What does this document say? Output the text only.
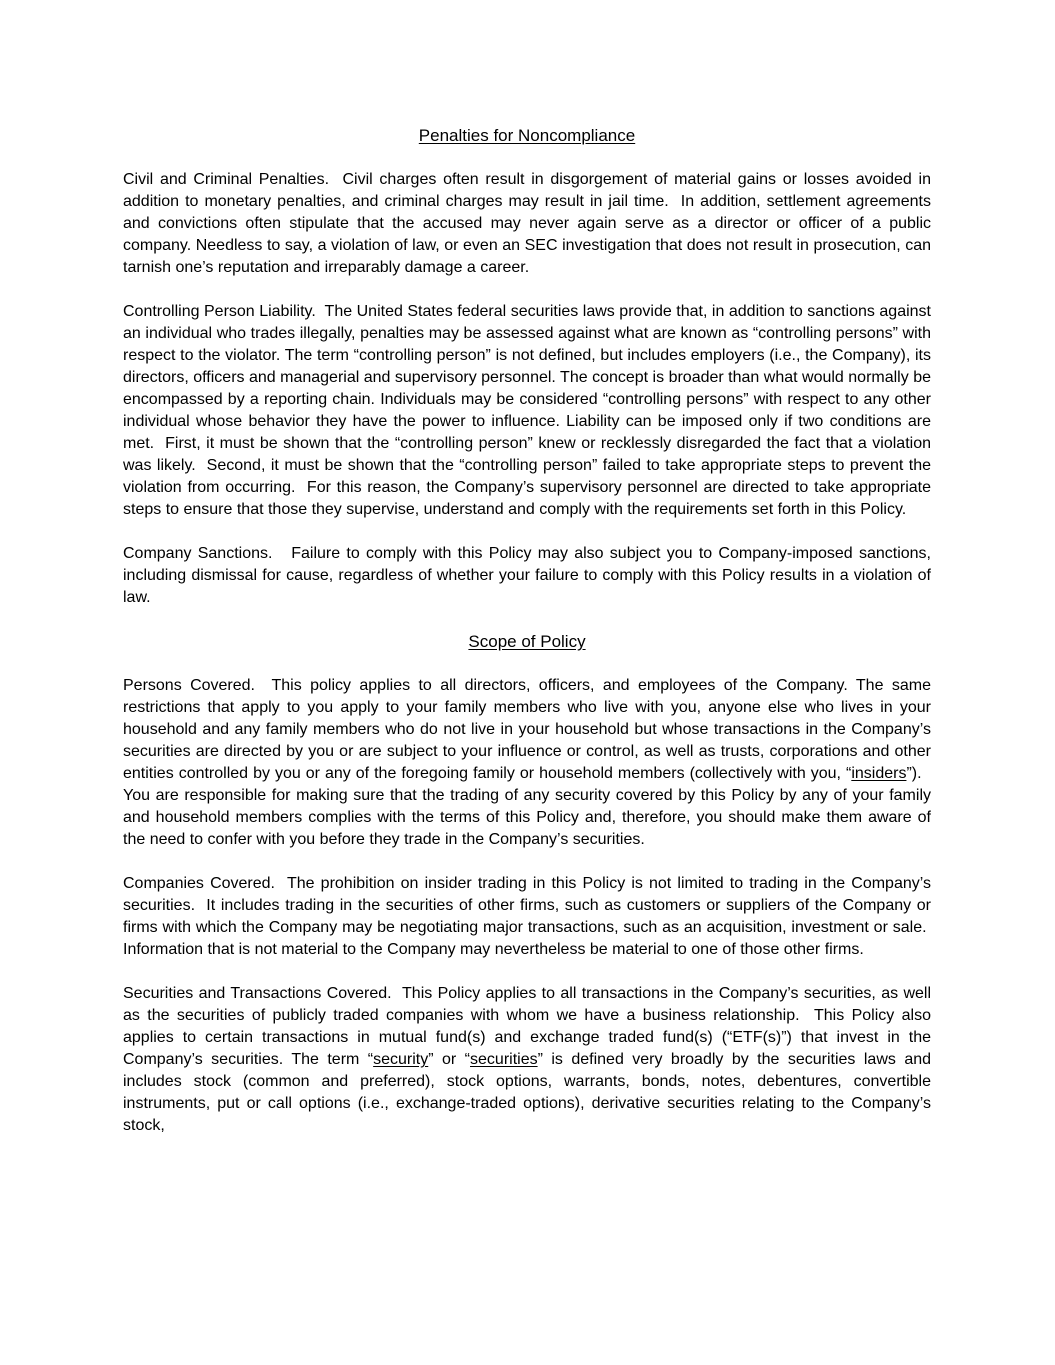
Penalties for Noncompliance

Civil and Criminal Penalties.  Civil charges often result in disgorgement of material gains or losses avoided in addition to monetary penalties, and criminal charges may result in jail time.  In addition, settlement agreements and convictions often stipulate that the accused may never again serve as a director or officer of a public company. Needless to say, a violation of law, or even an SEC investigation that does not result in prosecution, can tarnish one’s reputation and irreparably damage a career.

Controlling Person Liability.  The United States federal securities laws provide that, in addition to sanctions against an individual who trades illegally, penalties may be assessed against what are known as “controlling persons” with respect to the violator. The term “controlling person” is not defined, but includes employers (i.e., the Company), its directors, officers and managerial and supervisory personnel. The concept is broader than what would normally be encompassed by a reporting chain. Individuals may be considered “controlling persons” with respect to any other individual whose behavior they have the power to influence. Liability can be imposed only if two conditions are met.  First, it must be shown that the “controlling person” knew or recklessly disregarded the fact that a violation was likely.  Second, it must be shown that the “controlling person” failed to take appropriate steps to prevent the violation from occurring.  For this reason, the Company’s supervisory personnel are directed to take appropriate steps to ensure that those they supervise, understand and comply with the requirements set forth in this Policy.

Company Sanctions.   Failure to comply with this Policy may also subject you to Company-imposed sanctions, including dismissal for cause, regardless of whether your failure to comply with this Policy results in a violation of law.

Scope of Policy

Persons Covered.  This policy applies to all directors, officers, and employees of the Company. The same restrictions that apply to you apply to your family members who live with you, anyone else who lives in your household and any family members who do not live in your household but whose transactions in the Company’s securities are directed by you or are subject to your influence or control, as well as trusts, corporations and other entities controlled by you or any of the foregoing family or household members (collectively with you, “insiders”).   You are responsible for making sure that the trading of any security covered by this Policy by any of your family and household members complies with the terms of this Policy and, therefore, you should make them aware of the need to confer with you before they trade in the Company’s securities.

Companies Covered.  The prohibition on insider trading in this Policy is not limited to trading in the Company’s securities.  It includes trading in the securities of other firms, such as customers or suppliers of the Company or firms with which the Company may be negotiating major transactions, such as an acquisition, investment or sale.  Information that is not material to the Company may nevertheless be material to one of those other firms.

Securities and Transactions Covered.  This Policy applies to all transactions in the Company’s securities, as well as the securities of publicly traded companies with whom we have a business relationship.  This Policy also applies to certain transactions in mutual fund(s) and exchange traded fund(s) (“ETF(s)”) that invest in the Company’s securities. The term “security” or “securities” is defined very broadly by the securities laws and includes stock (common and preferred), stock options, warrants, bonds, notes, debentures, convertible instruments, put or call options (i.e., exchange-traded options), derivative securities relating to the Company’s stock,
